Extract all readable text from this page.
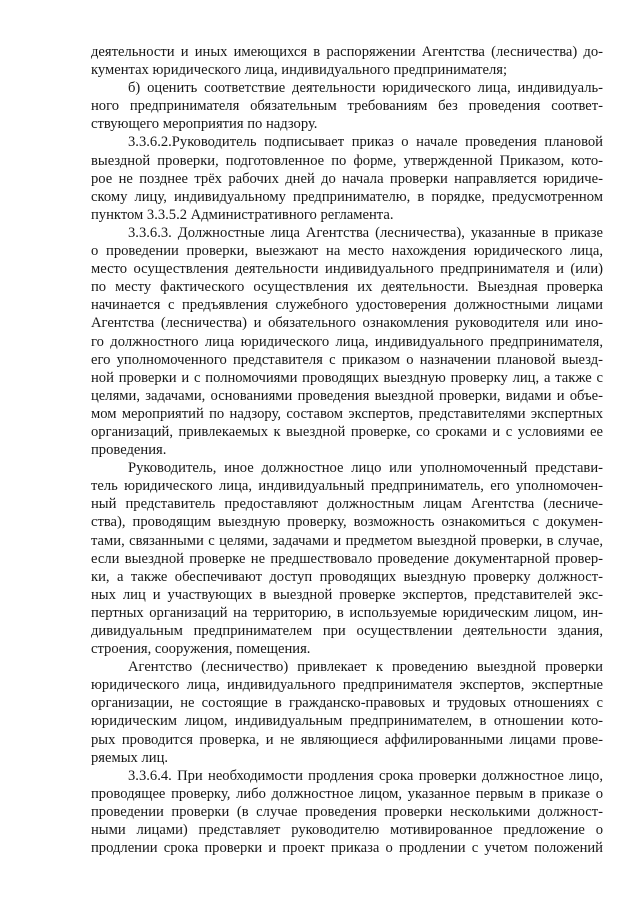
деятельности и иных имеющихся в распоряжении Агентства (лесничества) до-
кументах юридического лица, индивидуального предпринимателя;
б) оценить соответствие деятельности юридического лица, индивидуаль-
ного предпринимателя обязательным требованиям без проведения соответ-
ствующего мероприятия по надзору.
3.3.6.2.Руководитель подписывает приказ о начале проведения плановой
выездной проверки, подготовленное по форме, утвержденной Приказом, кото-
рое не позднее трёх рабочих дней до начала проверки направляется юридиче-
скому лицу, индивидуальному предпринимателю, в порядке, предусмотренном
пунктом 3.3.5.2 Административного регламента.
3.3.6.3. Должностные лица Агентства (лесничества), указанные в приказе
о проведении проверки, выезжают на место нахождения юридического лица,
место осуществления деятельности индивидуального предпринимателя и (или)
по месту фактического осуществления их деятельности. Выездная проверка
начинается с предъявления служебного удостоверения должностными лицами
Агентства (лесничества) и обязательного ознакомления руководителя или ино-
го должностного лица юридического лица, индивидуального предпринимателя,
его уполномоченного представителя с приказом о назначении плановой выезд-
ной проверки и с полномочиями проводящих выездную проверку лиц, а также с
целями, задачами, основаниями проведения выездной проверки, видами и объе-
мом мероприятий по надзору, составом экспертов, представителями экспертных
организаций, привлекаемых к выездной проверке, со сроками и с условиями ее
проведения.
Руководитель, иное должностное лицо или уполномоченный представи-
тель юридического лица, индивидуальный предприниматель, его уполномочен-
ный представитель предоставляют должностным лицам Агентства (лесниче-
ства), проводящим выездную проверку, возможность ознакомиться с докумен-
тами, связанными с целями, задачами и предметом выездной проверки, в случае,
если выездной проверке не предшествовало проведение документарной провер-
ки, а также обеспечивают доступ проводящих выездную проверку должност-
ных лиц и участвующих в выездной проверке экспертов, представителей экс-
пертных организаций на территорию, в используемые юридическим лицом, ин-
дивидуальным предпринимателем при осуществлении деятельности здания,
строения, сооружения, помещения.
Агентство (лесничество) привлекает к проведению выездной проверки
юридического лица, индивидуального предпринимателя экспертов, экспертные
организации, не состоящие в гражданско-правовых и трудовых отношениях с
юридическим лицом, индивидуальным предпринимателем, в отношении кото-
рых проводится проверка, и не являющиеся аффилированными лицами прове-
ряемых лиц.
3.3.6.4. При необходимости продления срока проверки должностное лицо,
проводящее проверку, либо должностное лицом, указанное первым в приказе о
проведении проверки (в случае проведения проверки несколькими должност-
ными лицами) представляет руководителю мотивированное предложение о
продлении срока проверки и проект приказа о продлении с учетом положений
